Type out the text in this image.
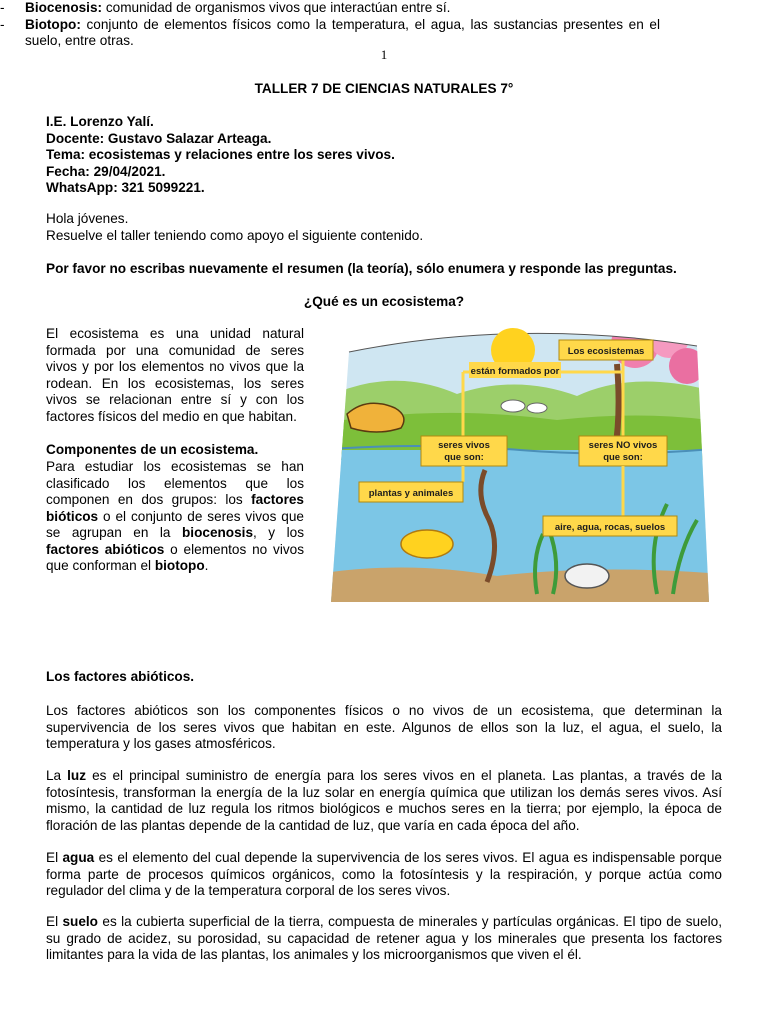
1
TALLER 7 DE CIENCIAS NATURALES 7°
I.E. Lorenzo Yalí.
Docente: Gustavo Salazar Arteaga.
Tema: ecosistemas y relaciones entre los seres vivos.
Fecha: 29/04/2021.
WhatsApp: 321 5099221.
Hola jóvenes.
Resuelve el taller teniendo como apoyo el siguiente contenido.
Por favor no escribas nuevamente el resumen (la teoría), sólo enumera y responde las preguntas.
¿Qué es un ecosistema?
El ecosistema es una unidad natural formada por una comunidad de seres vivos y por los elementos no vivos que la rodean. En los ecosistemas, los seres vivos se relacionan entre sí y con los factores físicos del medio en que habitan.
Componentes de un ecosistema.
Para estudiar los ecosistemas se han clasificado los elementos que los componen en dos grupos: los factores bióticos o el conjunto de seres vivos que se agrupan en la biocenosis, y los factores abióticos o elementos no vivos que conforman el biotopo.
Los ecosistemas
están formados por
seres vivos
que son:
seres NO vivos
que son:
plantas y animales
aire, agua, rocas, suelos
- Biocenosis: comunidad de organismos vivos que interactúan entre sí.
- Biotopo: conjunto de elementos físicos como la temperatura, el agua, las sustancias presentes en el suelo, entre otras.
Los factores abióticos.
Los factores abióticos son los componentes físicos o no vivos de un ecosistema, que determinan la supervivencia de los seres vivos que habitan en este. Algunos de ellos son la luz, el agua, el suelo, la temperatura y los gases atmosféricos.
La luz es el principal suministro de energía para los seres vivos en el planeta. Las plantas, a través de la fotosíntesis, transforman la energía de la luz solar en energía química que utilizan los demás seres vivos. Así mismo, la cantidad de luz regula los ritmos biológicos e muchos seres en la tierra; por ejemplo, la época de floración de las plantas depende de la cantidad de luz, que varía en cada época del año.
El agua es el elemento del cual depende la supervivencia de los seres vivos. El agua es indispensable porque forma parte de procesos químicos orgánicos, como la fotosíntesis y la respiración, y porque actúa como regulador del clima y de la temperatura corporal de los seres vivos.
El suelo es la cubierta superficial de la tierra, compuesta de minerales y partículas orgánicas. El tipo de suelo, su grado de acidez, su porosidad, su capacidad de retener agua y los minerales que presenta los factores limitantes para la vida de las plantas, los animales y los microorganismos que viven el él.
